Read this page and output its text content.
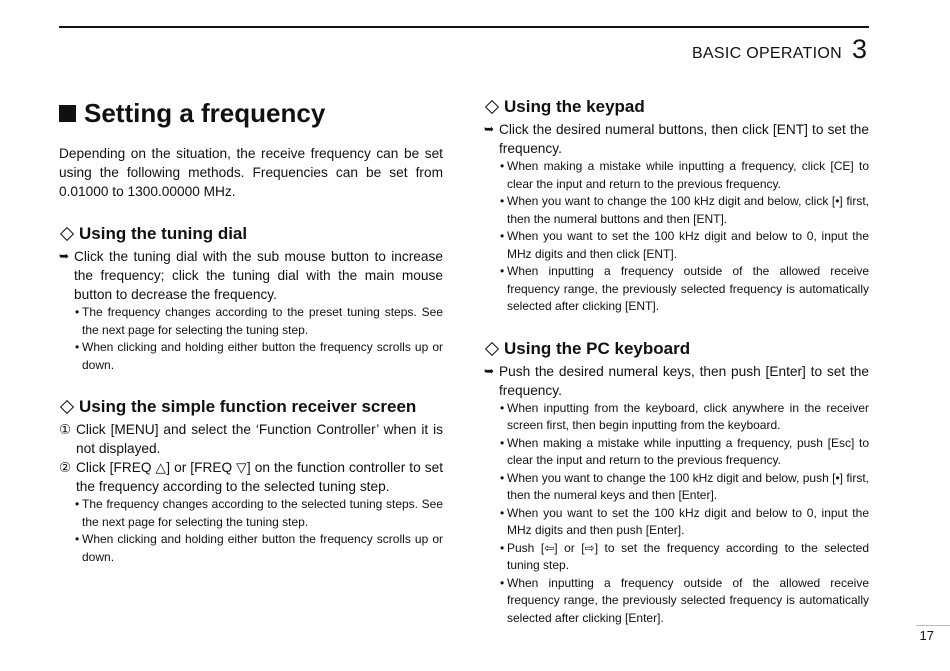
BASIC OPERATION 3
Setting a frequency

Depending on the situation, the receive frequency can be set using the following methods. Frequencies can be set from 0.01000 to 1300.00000 MHz.

Using the tuning dial
➥ Click the tuning dial with the sub mouse button to increase the frequency; click the tuning dial with the main mouse button to decrease the frequency.
• The frequency changes according to the preset tuning steps. See the next page for selecting the tuning step.
• When clicking and holding either button the frequency scrolls up or down.
Using the simple function receiver screen
① Click [MENU] and select the ‘Function Controller’ when it is not displayed.
② Click [FREQ △] or [FREQ ▽] on the function controller to set the frequency according to the selected tuning step.
• The frequency changes according to the selected tuning steps. See the next page for selecting the tuning step.
• When clicking and holding either button the frequency scrolls up or down.
Using the keypad
➥ Click the desired numeral buttons, then click [ENT] to set the frequency.
• When making a mistake while inputting a frequency, click [CE] to clear the input and return to the previous frequency.
• When you want to change the 100 kHz digit and below, click [•] first, then the numeral buttons and then [ENT].
• When you want to set the 100 kHz digit and below to 0, input the MHz digits and then click [ENT].
• When inputting a frequency outside of the allowed receive frequency range, the previously selected frequency is automatically selected after clicking [ENT].
Using the PC keyboard
➥ Push the desired numeral keys, then push [Enter] to set the frequency.
• When inputting from the keyboard, click anywhere in the receiver screen first, then begin inputting from the keyboard.
• When making a mistake while inputting a frequency, push [Esc] to clear the input and return to the previous frequency.
• When you want to change the 100 kHz digit and below, push [•] first, then the numeral keys and then [Enter].
• When you want to set the 100 kHz digit and below to 0, input the MHz digits and then push [Enter].
• Push [⇦] or [⇨] to set the frequency according to the selected tuning step.
• When inputting a frequency outside of the allowed receive frequency range, the previously selected frequency is automatically selected after clicking [Enter].
17
